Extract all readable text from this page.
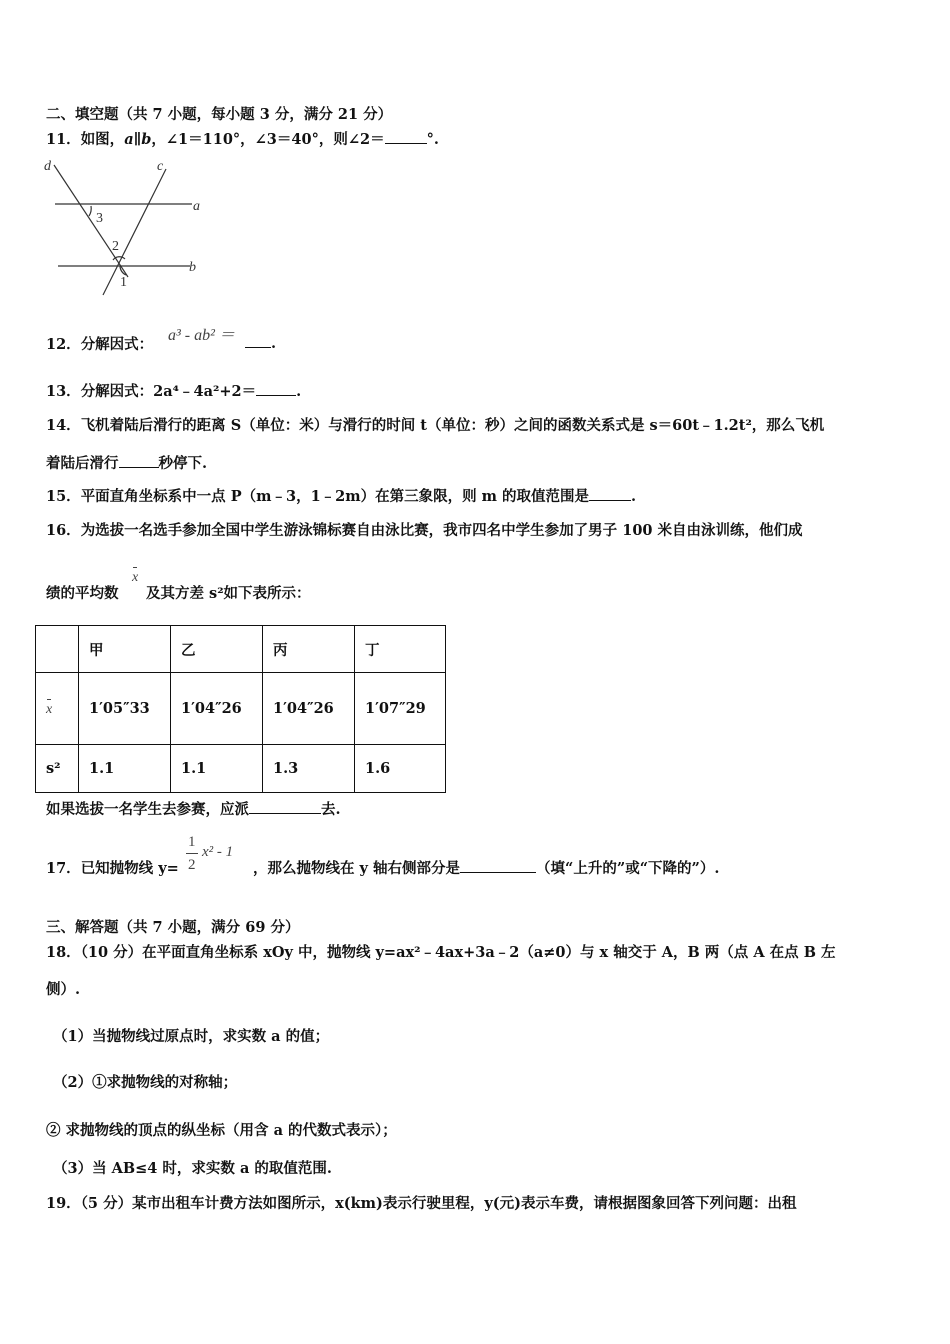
二、填空题（共 7 小题，每小题 3 分，满分 21 分）
11．如图，a∥b，∠1＝110°，∠3＝40°，则∠2＝	°.
d	c
a
b
3
2
1
12．分解因式：
a³ - ab² ＝	.
13．分解因式：2a⁴﹣4a²+2＝	.
14．飞机着陆后滑行的距离 S（单位：米）与滑行的时间 t（单位：秒）之间的函数关系式是 s＝60t﹣1.2t²，那么飞机
着陆后滑行	秒停下.
15．平面直角坐标系中一点 P（m﹣3，1﹣2m）在第三象限，则 m 的取值范围是	.
16．为选拔一名选手参加全国中学生游泳锦标赛自由泳比赛，我市四名中学生参加了男子 100 米自由泳训练，他们成
绩的平均数
x
及其方差 s²如下表所示：
	甲	乙	丙	丁
x	1′05″33	1′04″26	1′04″26	1′07″29
s²	1.1	1.1	1.3	1.6
如果选拔一名学生去参赛，应派	去.
17．已知抛物线 y=
1
2
x² - 1
，那么抛物线在 y 轴右侧部分是	（填“上升的”或“下降的”）.
三、解答题（共 7 小题，满分 69 分）
18．（10 分）在平面直角坐标系 xOy 中，抛物线 y=ax²﹣4ax+3a﹣2（a≠0）与 x 轴交于 A，B 两（点 A 在点 B 左
侧）.
（1）当抛物线过原点时，求实数 a 的值；
（2）①求抛物线的对称轴；
② 求抛物线的顶点的纵坐标（用含 a 的代数式表示）；
（3）当 AB≤4 时，求实数 a 的取值范围.
19．（5 分）某市出租车计费方法如图所示，x(km)表示行驶里程，y(元)表示车费，请根据图象回答下列问题：出租
